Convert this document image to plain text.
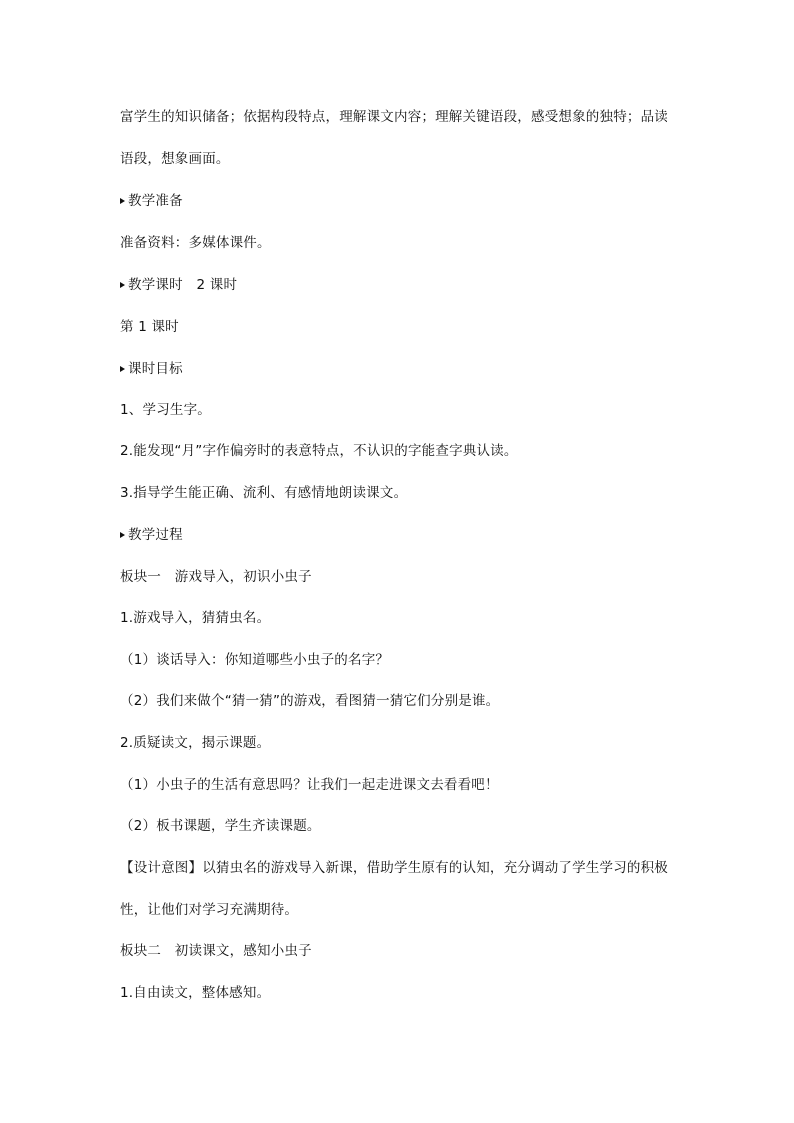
富学生的知识储备；依据构段特点，理解课文内容；理解关键语段，感受想象的独特；品读
语段，想象画面。
教学准备
准备资料：多媒体课件。
教学课时　2 课时
第 1 课时
课时目标
1、学习生字。
2.能发现“月”字作偏旁时的表意特点，不认识的字能查字典认读。
3.指导学生能正确、流利、有感情地朗读课文。
教学过程
板块一　游戏导入，初识小虫子
1.游戏导入，猜猜虫名。
（1）谈话导入：你知道哪些小虫子的名字？
（2）我们来做个“猜一猜”的游戏，看图猜一猜它们分别是谁。
2.质疑读文，揭示课题。
（1）小虫子的生活有意思吗？让我们一起走进课文去看看吧！
（2）板书课题，学生齐读课题。
【设计意图】以猜虫名的游戏导入新课，借助学生原有的认知，充分调动了学生学习的积极
性，让他们对学习充满期待。
板块二　初读课文，感知小虫子
1.自由读文，整体感知。
